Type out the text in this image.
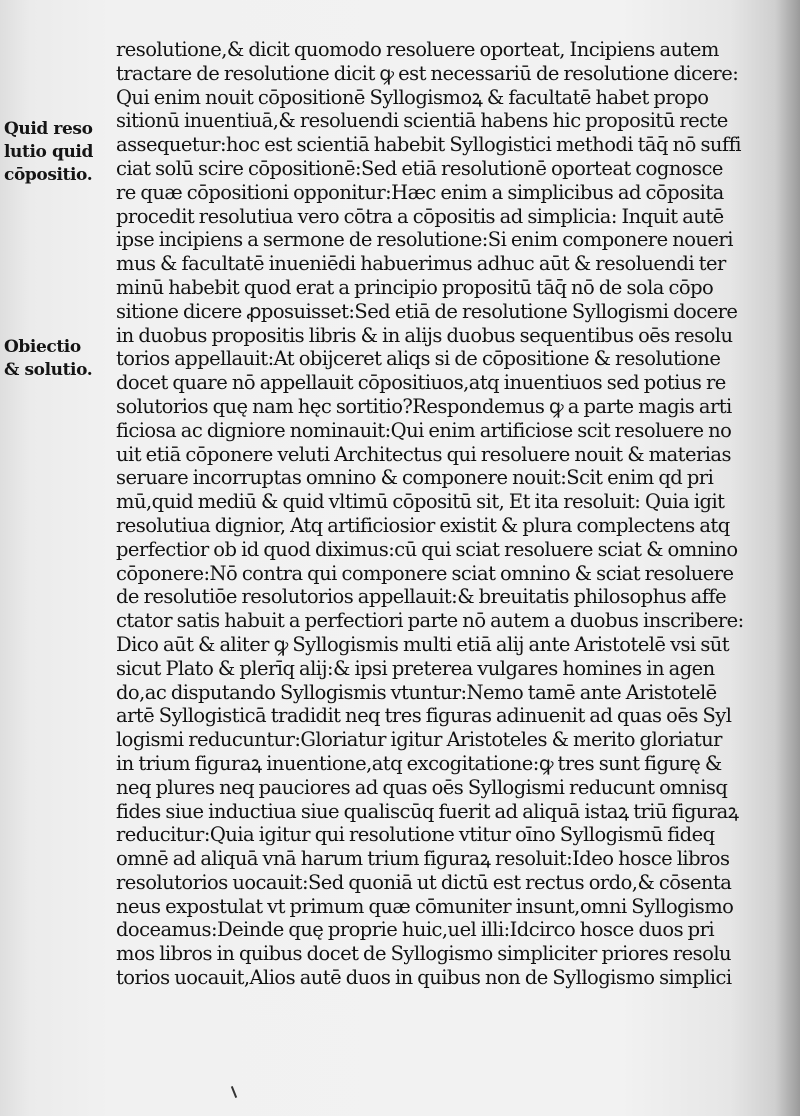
Quid reso
lutio quid
cōpositio.
Obiectio
& solutio.
resolutione,& dicit quomodo resoluere oporteat, Incipiens autem
tractare de resolutione dicit ꝙ est necessariū de resolutione dicere:
Qui enim nouit cōpositionē Syllogismoꝝ & facultatē habet propo
sitionū inuentiuā,& resoluendi scientiā habens hic propositū recte
assequetur:hoc est scientiā habebit Syllogistici methodi tāq̄ nō suffi
ciat solū scire cōpositionē:Sed etiā resolutionē oporteat cognosce
re quæ cōpositioni opponitur:Hæc enim a simplicibus ad cōposita
procedit resolutiua vero cōtra a cōpositis ad simplicia: Inquit autē
ipse incipiens a sermone de resolutione:Si enim componere noueri
mus & facultatē inueniēdi habuerimus adhuc aūt & resoluendi ter
minū habebit quod erat a principio propositū tāq̄ nō de sola cōpo
sitione dicere ꝓposuisset:Sed etiā de resolutione Syllogismi docere
in duobus propositis libris & in alijs duobus sequentibus oēs resolu
torios appellauit:At obijceret aliqs si de cōpositione & resolutione
docet quare nō appellauit cōpositiuos,atq inuentiuos sed potius re
solutorios quę nam hęc sortitio?Respondemus ꝙ a parte magis arti
ficiosa ac digniore nominauit:Qui enim artificiose scit resoluere no
uit etiā cōponere veluti Architectus qui resoluere nouit & materias
seruare incorruptas omnino & componere nouit:Scit enim qd pri
mū,quid mediū & quid vltimū cōpositū sit, Et ita resoluit: Quia igit
resolutiua dignior, Atq artificiosior existit & plura complectens atq
perfectior ob id quod diximus:cū qui sciat resoluere sciat & omnino
cōponere:Nō contra qui componere sciat omnino & sciat resoluere
de resolutiōe resolutorios appellauit:& breuitatis philosophus affe
ctator satis habuit a perfectiori parte nō autem a duobus inscribere:
Dico aūt & aliter ꝙ Syllogismis multi etiā alij ante Aristotelē vsi sūt
sicut Plato & plerīq alij:& ipsi preterea vulgares homines in agen
do,ac disputando Syllogismis vtuntur:Nemo tamē ante Aristotelē
artē Syllogisticā tradidit neq tres figuras adinuenit ad quas oēs Syl
logismi reducuntur:Gloriatur igitur Aristoteles & merito gloriatur
in trium figuraꝝ inuentione,atq excogitatione:ꝙ tres sunt figurę &
neq plures neq pauciores ad quas oēs Syllogismi reducunt omnisq
fides siue inductiua siue qualiscūq fuerit ad aliquā istaꝝ triū figuraꝝ
reducitur:Quia igitur qui resolutione vtitur oīno Syllogismū fideq
omnē ad aliquā vnā harum trium figuraꝝ resoluit:Ideo hosce libros
resolutorios uocauit:Sed quoniā ut dictū est rectus ordo,& cōsenta
neus expostulat vt primum quæ cōmuniter insunt,omni Syllogismo
doceamus:Deinde quę proprie huic,uel illi:Idcirco hosce duos pri
mos libros in quibus docet de Syllogismo simpliciter priores resolu
torios uocauit,Alios autē duos in quibus non de Syllogismo simplici
